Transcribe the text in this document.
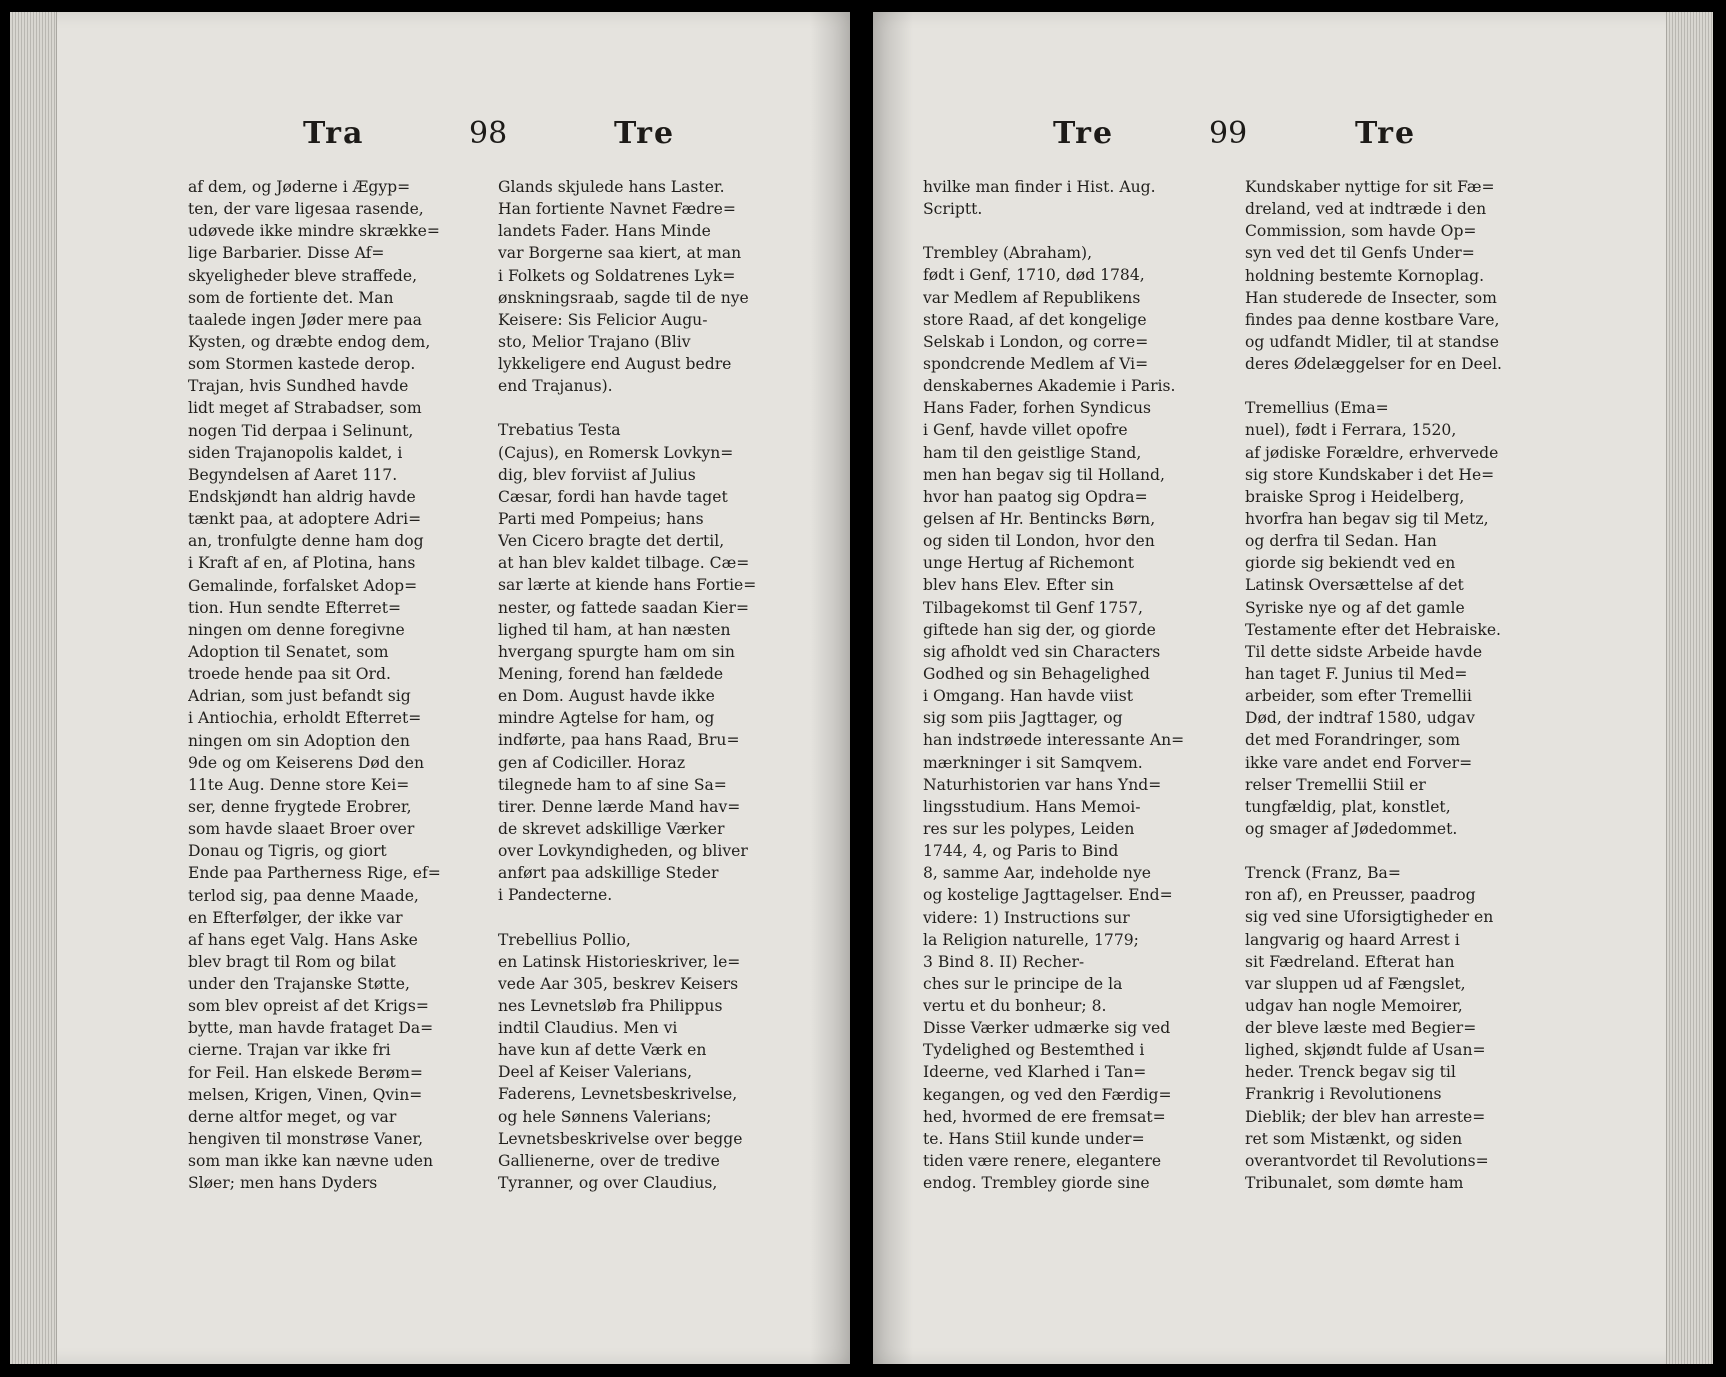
Tra	98	Tre
af dem, og Jøderne i Ægyp=
ten, der vare ligesaa rasende,
udøvede ikke mindre skrække=
lige Barbarier. Disse Af=
skyeligheder bleve straffede,
som de fortiente det. Man
taalede ingen Jøder mere paa
Kysten, og dræbte endog dem,
som Stormen kastede derop.
Trajan, hvis Sundhed havde
lidt meget af Strabadser, som
nogen Tid derpaa i Selinunt,
siden Trajanopolis kaldet, i
Begyndelsen af Aaret 117.
Endskjøndt han aldrig havde
tænkt paa, at adoptere Adri=
an, tronfulgte denne ham dog
i Kraft af en, af Plotina, hans
Gemalinde, forfalsket Adop=
tion. Hun sendte Efterret=
ningen om denne foregivne
Adoption til Senatet, som
troede hende paa sit Ord.
Adrian, som just befandt sig
i Antiochia, erholdt Efterret=
ningen om sin Adoption den
9de og om Keiserens Død den
11te Aug. Denne store Kei=
ser, denne frygtede Erobrer,
som havde slaaet Broer over
Donau og Tigris, og giort
Ende paa Partherness Rige, ef=
terlod sig, paa denne Maade,
en Efterfølger, der ikke var
af hans eget Valg. Hans Aske
blev bragt til Rom og bilat
under den Trajanske Støtte,
som blev opreist af det Krigs=
bytte, man havde frataget Da=
cierne. Trajan var ikke fri
for Feil. Han elskede Berøm=
melsen, Krigen, Vinen, Qvin=
derne altfor meget, og var
hengiven til monstrøse Vaner,
som man ikke kan nævne uden
Sløer; men hans Dyders
Glands skjulede hans Laster.
Han fortiente Navnet Fædre=
landets Fader. Hans Minde
var Borgerne saa kiert, at man
i Folkets og Soldatrenes Lyk=
ønskningsraab, sagde til de nye
Keisere: Sis Felicior Augu-
sto, Melior Trajano (Bliv
lykkeligere end August bedre
end Trajanus).
Trebatius Testa
(Cajus), en Romersk Lovkyn=
dig, blev forviist af Julius
Cæsar, fordi han havde taget
Parti med Pompeius; hans
Ven Cicero bragte det dertil,
at han blev kaldet tilbage. Cæ=
sar lærte at kiende hans Fortie=
nester, og fattede saadan Kier=
lighed til ham, at han næsten
hvergang spurgte ham om sin
Mening, forend han fældede
en Dom. August havde ikke
mindre Agtelse for ham, og
indførte, paa hans Raad, Bru=
gen af Codiciller. Horaz
tilegnede ham to af sine Sa=
tirer. Denne lærde Mand hav=
de skrevet adskillige Værker
over Lovkyndigheden, og bliver
anført paa adskillige Steder
i Pandecterne.
Trebellius Pollio,
en Latinsk Historieskriver, le=
vede Aar 305, beskrev Keisers
nes Levnetsløb fra Philippus
indtil Claudius. Men vi
have kun af dette Værk en
Deel af Keiser Valerians,
Faderens, Levnetsbeskrivelse,
og hele Sønnens Valerians;
Levnetsbeskrivelse over begge
Gallienerne, over de tredive
Tyranner, og over Claudius,
Tre	99	Tre
hvilke man finder i Hist. Aug.
Scriptt.
Trembley (Abraham),
født i Genf, 1710, død 1784,
var Medlem af Republikens
store Raad, af det kongelige
Selskab i London, og corre=
spondcrende Medlem af Vi=
denskabernes Akademie i Paris.
Hans Fader, forhen Syndicus
i Genf, havde villet opofre
ham til den geistlige Stand,
men han begav sig til Holland,
hvor han paatog sig Opdra=
gelsen af Hr. Bentincks Børn,
og siden til London, hvor den
unge Hertug af Richemont
blev hans Elev. Efter sin
Tilbagekomst til Genf 1757,
giftede han sig der, og giorde
sig afholdt ved sin Characters
Godhed og sin Behagelighed
i Omgang. Han havde viist
sig som piis Jagttager, og
han indstrøede interessante An=
mærkninger i sit Samqvem.
Naturhistorien var hans Ynd=
lingsstudium. Hans Memoi-
res sur les polypes, Leiden
1744, 4, og Paris to Bind
8, samme Aar, indeholde nye
og kostelige Jagttagelser. End=
videre: 1) Instructions sur
la Religion naturelle, 1779;
3 Bind 8. II) Recher-
ches sur le principe de la
vertu et du bonheur; 8.
Disse Værker udmærke sig ved
Tydelighed og Bestemthed i
Ideerne, ved Klarhed i Tan=
kegangen, og ved den Færdig=
hed, hvormed de ere fremsat=
te. Hans Stiil kunde under=
tiden være renere, elegantere
endog. Trembley giorde sine
Kundskaber nyttige for sit Fæ=
dreland, ved at indtræde i den
Commission, som havde Op=
syn ved det til Genfs Under=
holdning bestemte Kornoplag.
Han studerede de Insecter, som
findes paa denne kostbare Vare,
og udfandt Midler, til at standse
deres Ødelæggelser for en Deel.
Tremellius (Ema=
nuel), født i Ferrara, 1520,
af jødiske Forældre, erhvervede
sig store Kundskaber i det He=
braiske Sprog i Heidelberg,
hvorfra han begav sig til Metz,
og derfra til Sedan. Han
giorde sig bekiendt ved en
Latinsk Oversættelse af det
Syriske nye og af det gamle
Testamente efter det Hebraiske.
Til dette sidste Arbeide havde
han taget F. Junius til Med=
arbeider, som efter Tremellii
Død, der indtraf 1580, udgav
det med Forandringer, som
ikke vare andet end Forver=
relser Tremellii Stiil er
tungfældig, plat, konstlet,
og smager af Jødedommet.
Trenck (Franz, Ba=
ron af), en Preusser, paadrog
sig ved sine Uforsigtigheder en
langvarig og haard Arrest i
sit Fædreland. Efterat han
var sluppen ud af Fængslet,
udgav han nogle Memoirer,
der bleve læste med Begier=
lighed, skjøndt fulde af Usan=
heder. Trenck begav sig til
Frankrig i Revolutionens
Dieblik; der blev han arreste=
ret som Mistænkt, og siden
overantvordet til Revolutions=
Tribunalet, som dømte ham
